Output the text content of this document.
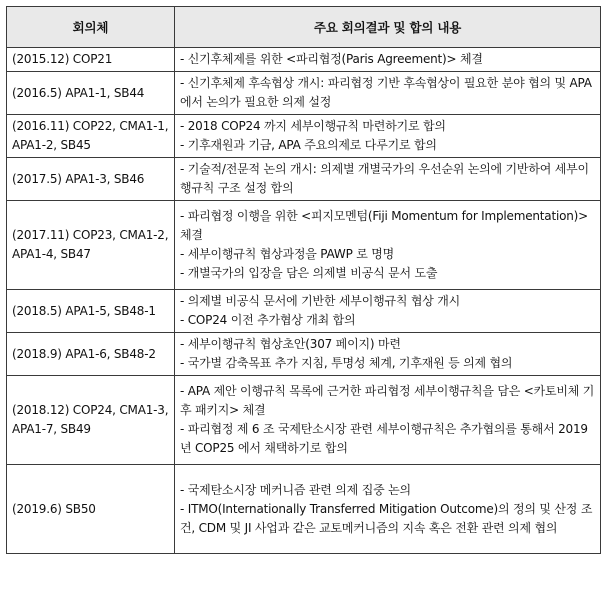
회의체	주요 회의결과 및 합의 내용
(2015.12) COP21	- 신기후체제를 위한 <파리협정(Paris Agreement)> 체결

(2016.5) APA1-1, SB44	- 신기후체제 후속협상 개시: 파리협정 기반 후속협상이 필요한 분야 협의 및 APA 에서 논의가 필요한 의제 설정

(2016.11) COP22, CMA1-1, APA1-2, SB45	- 2018 COP24 까지 세부이행규칙 마련하기로 합의
- 기후재원과 기금, APA 주요의제로 다루기로 합의

(2017.5) APA1-3, SB46	- 기술적/전문적 논의 개시: 의제별 개별국가의 우선순위 논의에 기반하여 세부이행규칙 구조 설정 합의

(2017.11) COP23, CMA1-2, APA1-4, SB47	- 파리협정 이행을 위한 <피지모멘텀(Fiji Momentum for Implementation)> 체결
- 세부이행규칙 협상과정을 PAWP 로 명명
- 개별국가의 입장을 담은 의제별 비공식 문서 도출

(2018.5) APA1-5, SB48-1	- 의제별 비공식 문서에 기반한 세부이행규칙 협상 개시
- COP24 이전 추가협상 개최 합의

(2018.9) APA1-6, SB48-2	- 세부이행규칙 협상초안(307 페이지) 마련
- 국가별 감축목표 추가 지침, 투명성 체계, 기후재원 등 의제 협의

(2018.12) COP24, CMA1-3, APA1-7, SB49	- APA 제안 이행규칙 목록에 근거한 파리협정 세부이행규칙을 담은 <카토비체 기후 패키지> 체결
- 파리협정 제 6 조 국제탄소시장 관련 세부이행규칙은 추가협의를 통해서 2019 년 COP25 에서 채택하기로 합의

(2019.6) SB50	- 국제탄소시장 메커니즘 관련 의제 집중 논의
- ITMO(Internationally Transferred Mitigation Outcome)의 정의 및 산정 조건, CDM 및 JI 사업과 같은 교토메커니즘의 지속 혹은 전환 관련 의제 협의
